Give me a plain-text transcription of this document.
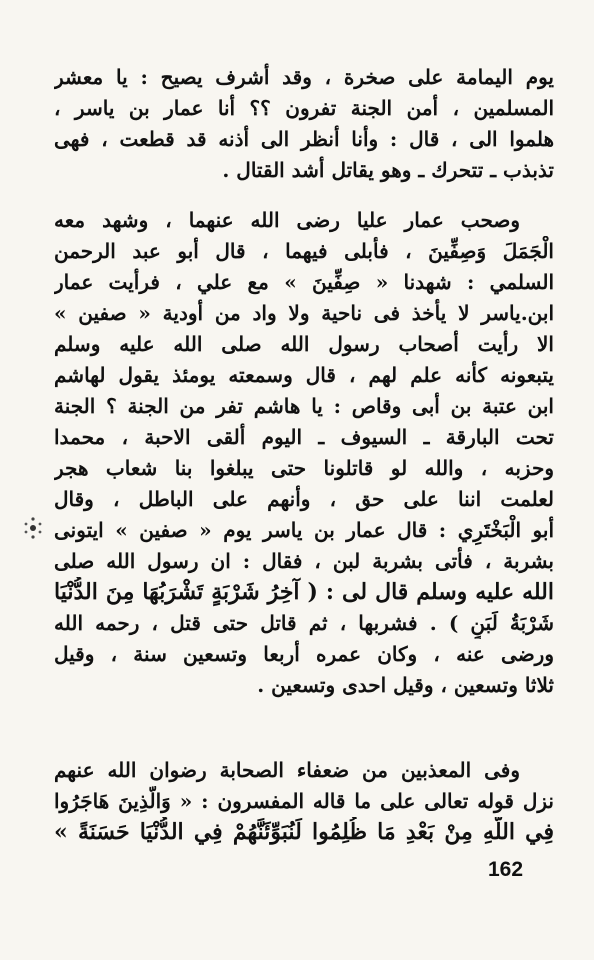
يوم اليمامة على صخرة ، وقد أشرف يصيح : يا معشر
المسلمين ، أمن الجنة تفرون ؟؟ أنا عمار بن ياسر ،
هلموا الى ، قال : وأنا أنظر الى أذنه قد قطعت ، فهى
تذبذب ـ تتحرك ـ وهو يقاتل أشد القتال .
وصحب عمار عليا رضى الله عنهما ، وشهد معه
الْجَمَلَ وَصِفِّينَ ، فأبلى فيهما ، قال أبو عبد الرحمن
السلمي : شهدنا « صِفِّينَ » مع علي ، فرأيت عمار
ابن.ياسر لا يأخذ فى ناحية ولا واد من أودية « صفين »
الا رأيت أصحاب رسول الله صلى الله عليه وسلم
يتبعونه كأنه علم لهم ، قال وسمعته يومئذ يقول لهاشم
ابن عتبة بن أبى وقاص : يا هاشم تفر من الجنة ؟ الجنة
تحت البارقة ـ السيوف ـ اليوم ألقى الاحبة ، محمدا
وحزبه ، والله لو قاتلونا حتى يبلغوا بنا شعاب هجر
لعلمت اننا على حق ، وأنهم على الباطل ، وقال
أبو الْبَخْتَرِي : قال عمار بن ياسر يوم « صفين » ايتونى
بشربة ، فأتى بشربة لبن ، فقال : ان رسول الله صلى
الله عليه وسلم قال لى : ( آخِرُ شَرْبَةٍ تَشْرَبُهَا مِنَ الدُّنْيَا
شَرْبَةُ لَبَنٍ ) . فشربها ، ثم قاتل حتى قتل ، رحمه الله
ورضى عنه ، وكان عمره أربعا وتسعين سنة ، وقيل
ثلاثا وتسعين ، وقيل احدى وتسعين .
وفى المعذبين من ضعفاء الصحابة رضوان الله عنهم
نزل قوله تعالى على ما قاله المفسرون : « وَالَّذِينَ هَاجَرُوا
فِي اللَّهِ مِنْ بَعْدِ مَا ظُلِمُوا لَنُبَوِّئَنَّهُمْ فِي الدُّنْيَا حَسَنَةً »
162
